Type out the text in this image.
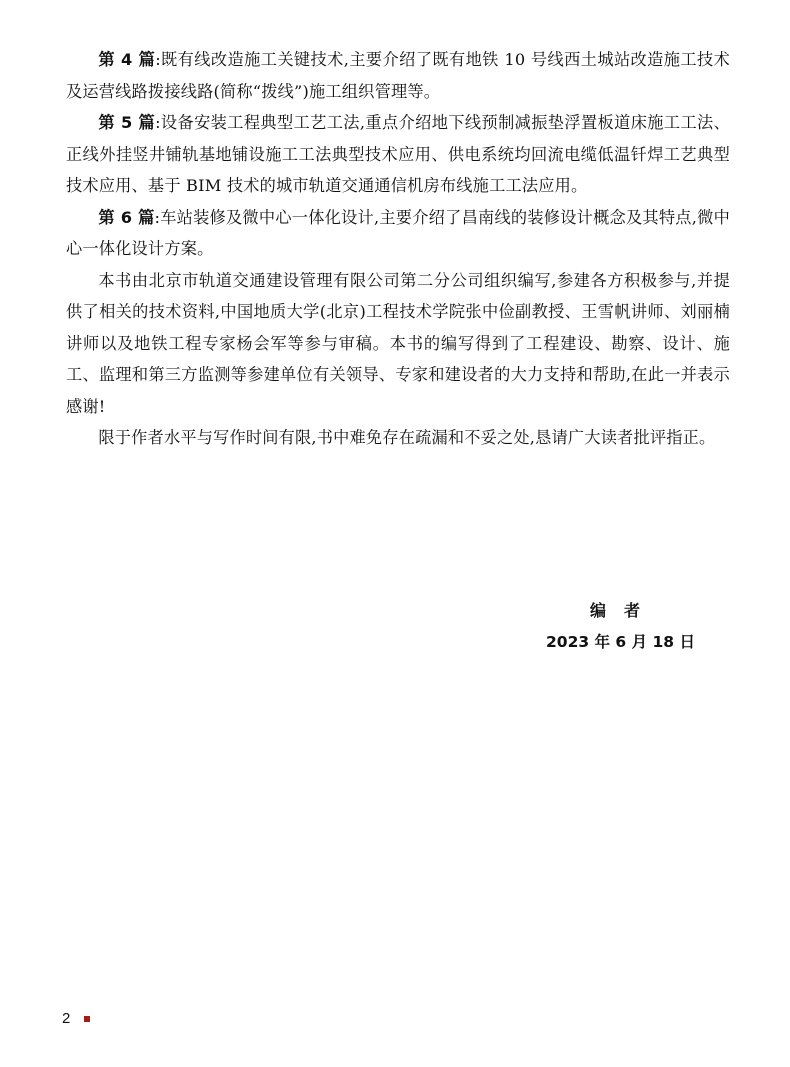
第 4 篇:既有线改造施工关键技术,主要介绍了既有地铁 10 号线西土城站改造施工技术及运营线路拨接线路(简称“拨线”)施工组织管理等。

第 5 篇:设备安装工程典型工艺工法,重点介绍地下线预制减振垫浮置板道床施工工法、正线外挂竖井铺轨基地铺设施工工法典型技术应用、供电系统均回流电缆低温钎焊工艺典型技术应用、基于 BIM 技术的城市轨道交通通信机房布线施工工法应用。

第 6 篇:车站装修及微中心一体化设计,主要介绍了昌南线的装修设计概念及其特点,微中心一体化设计方案。

本书由北京市轨道交通建设管理有限公司第二分公司组织编写,参建各方积极参与,并提供了相关的技术资料,中国地质大学(北京)工程技术学院张中俭副教授、王雪帆讲师、刘丽楠讲师以及地铁工程专家杨会军等参与审稿。本书的编写得到了工程建设、勘察、设计、施工、监理和第三方监测等参建单位有关领导、专家和建设者的大力支持和帮助,在此一并表示感谢!

限于作者水平与写作时间有限,书中难免存在疏漏和不妥之处,恳请广大读者批评指正。

编者
2023 年 6 月 18 日
2
